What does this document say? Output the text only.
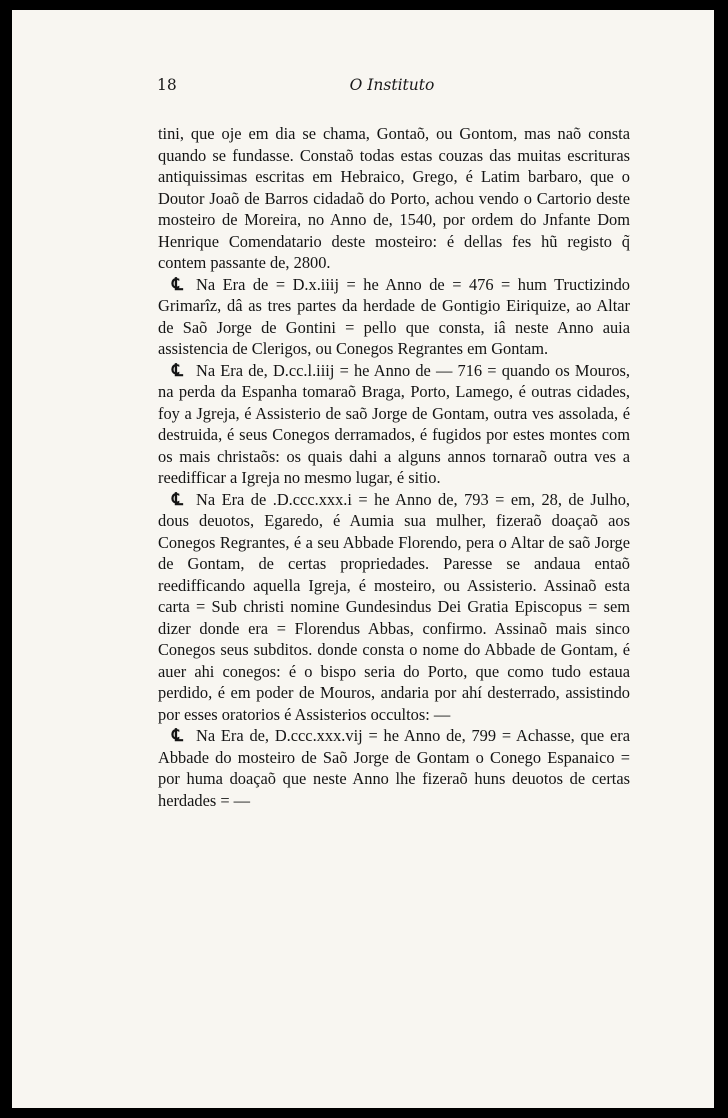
18	O Instituto

tini, que oje em dia se chama, Gontaõ, ou Gontom, mas naõ consta quando se fundasse. Constaõ todas estas couzas das muitas escrituras antiquissimas escritas em Hebraico, Grego, é Latim barbaro, que o Doutor Joaõ de Barros cidadaõ do Porto, achou vendo o Cartorio deste mosteiro de Moreira, no Anno de, 1540, por ordem do Jnfante Dom Henrique Comendatario deste mosteiro: é dellas fes hũ registo q̃ contem passante de, 2800.

℄ Na Era de = D.x.iiij = he Anno de = 476 = hum Tructizindo Grimarîz, dâ as tres partes da herdade de Gontigio Eiriquize, ao Altar de Saõ Jorge de Gontini = pello que consta, iâ neste Anno auia assistencia de Clerigos, ou Conegos Regrantes em Gontam.

℄ Na Era de, D.cc.l.iiij = he Anno de — 716 = quando os Mouros, na perda da Espanha tomaraõ Braga, Porto, Lamego, é outras cidades, foy a Jgreja, é Assisterio de saõ Jorge de Gontam, outra ves assolada, é destruida, é seus Conegos derramados, é fugidos por estes montes com os mais christaõs: os quais dahi a alguns annos tornaraõ outra ves a reedifficar a Igreja no mesmo lugar, é sitio.

℄ Na Era de .D.ccc.xxx.i = he Anno de, 793 = em, 28, de Julho, dous deuotos, Egaredo, é Aumia sua mulher, fizeraõ doaçaõ aos Conegos Regrantes, é a seu Abbade Florendo, pera o Altar de saõ Jorge de Gontam, de certas propriedades. Paresse se andaua entaõ reedifficando aquella Igreja, é mosteiro, ou Assisterio. Assinaõ esta carta = Sub christi nomine Gundesindus Dei Gratia Episcopus = sem dizer donde era = Florendus Abbas, confirmo. Assinaõ mais sinco Conegos seus subditos. donde consta o nome do Abbade de Gontam, é auer ahi conegos: é o bispo seria do Porto, que como tudo estaua perdido, é em poder de Mouros, andaria por ahí desterrado, assistindo por esses oratorios é Assisterios occultos: —

℄ Na Era de, D.ccc.xxx.vij = he Anno de, 799 = Achasse, que era Abbade do mosteiro de Saõ Jorge de Gontam o Conego Espanaico = por huma doaçaõ que neste Anno lhe fizeraõ huns deuotos de certas herdades = —
